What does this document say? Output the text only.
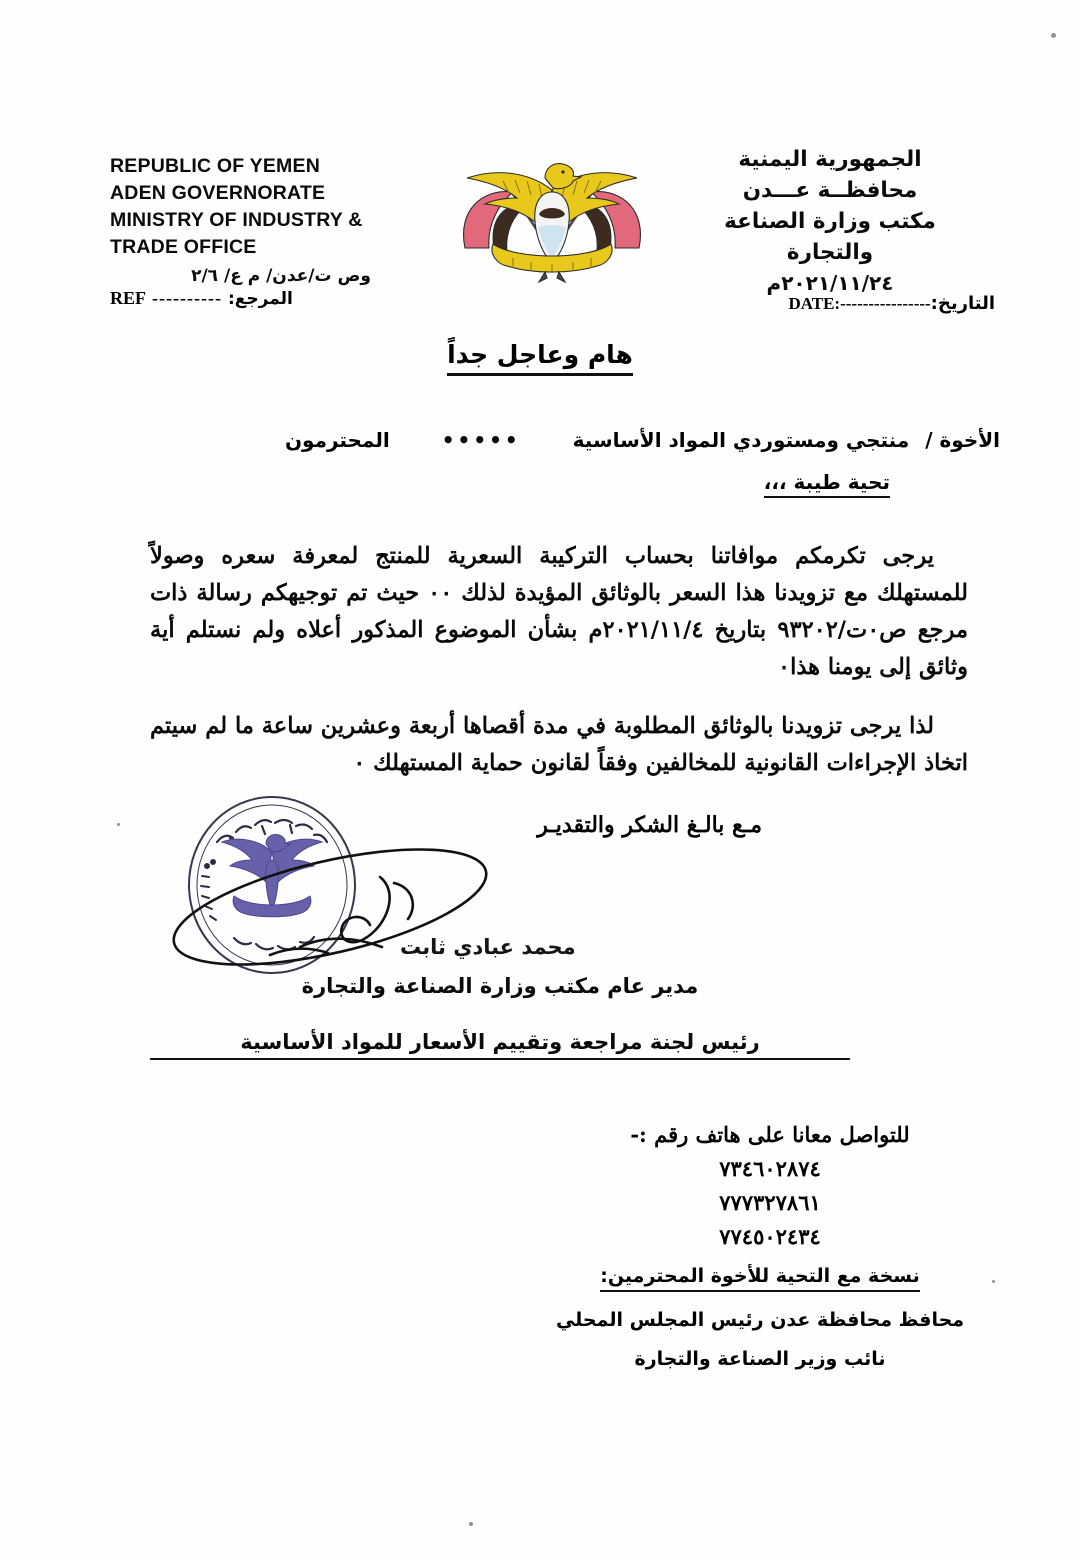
REPUBLIC OF YEMEN
ADEN GOVERNORATE
MINISTRY OF INDUSTRY &
TRADE OFFICE
وص ت/عدن/ م ع/ ٢/٦
REF ---------- المرجع:
الجمهورية اليمنية
محافظــة عـــدن
مكتب وزارة الصناعة
والتجارة
٢٠٢١/١١/٢٤م
التاريخ:
----------------
DATE:
هام وعاجل جداً
الأخوة /
منتجي ومستوردي المواد الأساسية
•••••
المحترمون
تحية طيبة ،،،
يرجى تكرمكم موافاتنا بحساب التركيبة السعرية للمنتج لمعرفة سعره وصولاً للمستهلك مع تزويدنا هذا السعر بالوثائق المؤيدة لذلك ٠٠ حيث تم توجيهكم رسالة ذات مرجع ص٠ت/٩٣٢٠٢ بتاريخ ٢٠٢١/١١/٤م بشأن الموضوع المذكور أعلاه ولم نستلم أية وثائق إلى يومنا هذا٠
لذا يرجى تزويدنا بالوثائق المطلوبة في مدة أقصاها أربعة وعشرين ساعة ما لم سيتم اتخاذ الإجراءات القانونية للمخالفين وفقاً لقانون حماية المستهلك ٠
مـع بالـغ الشكر والتقديـر
محمد عبادي ثابت
مدير عام مكتب وزارة الصناعة والتجارة
رئيس لجنة مراجعة وتقييم الأسعار للمواد الأساسية
للتواصل معانا على هاتف رقم :-
٧٣٤٦٠٢٨٧٤
٧٧٧٣٢٧٨٦١
٧٧٤٥٠٢٤٣٤
نسخة مع التحية للأخوة المحترمين:
محافظ محافظة عدن رئيس المجلس المحلي
نائب وزير الصناعة والتجارة
